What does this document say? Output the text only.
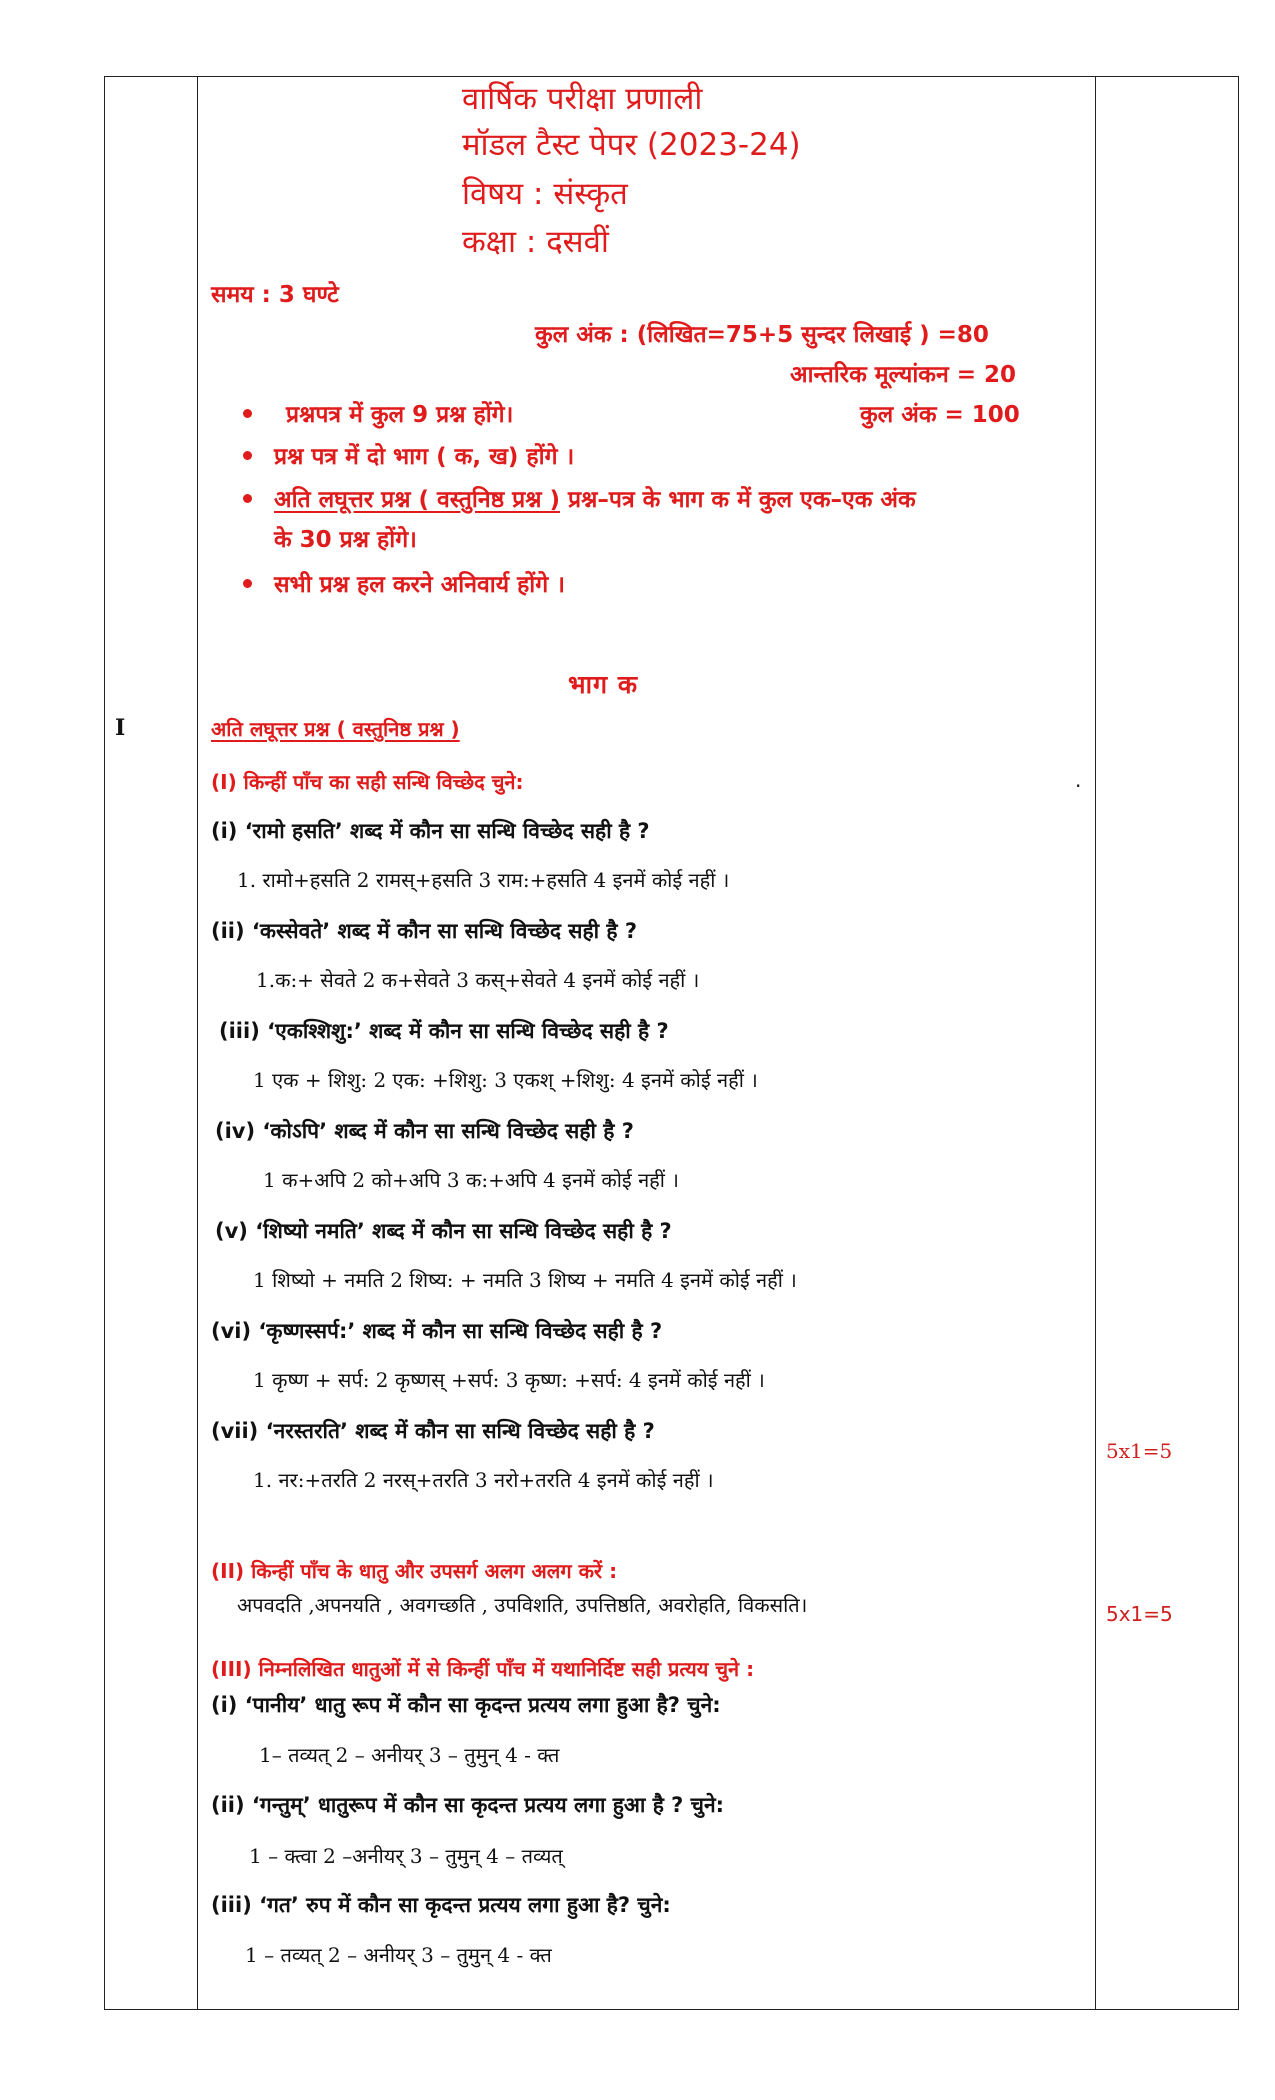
I
वार्षिक परीक्षा प्रणाली
मॉडल टैस्ट पेपर (2023-24)
विषय : संस्कृत
कक्षा : दसवीं
समय : 3 घण्टे
कुल अंक : (लिखित=75+5 सुन्दर लिखाई ) =80
आन्तरिक मूल्यांकन = 20
प्रश्नपत्र में कुल 9 प्रश्न होंगे।	कुल अंक = 100
प्रश्न पत्र में दो भाग ( क, ख) होंगे ।
अति लघूत्तर प्रश्न ( वस्तुनिष्ठ प्रश्न ) प्रश्न–पत्र के भाग क में कुल एक–एक अंक
के 30 प्रश्न होंगे।
सभी प्रश्न हल करने अनिवार्य होंगे ।
भाग क
अति लघूत्तर प्रश्न ( वस्तुनिष्ठ प्रश्न )
(I) किन्हीं पाँच का सही सन्धि विच्छेद चुने:	.
(i) ‘रामो हसति’ शब्द में कौन सा सन्धि विच्छेद सही है ?
1. रामो+हसति 2 रामस्+हसति 3 राम:+हसति 4 इनमें कोई नहीं ।
(ii) ‘कस्सेवते’ शब्द में कौन सा सन्धि विच्छेद सही है ?
1.क:+ सेवते 2 क+सेवते 3 कस्+सेवते 4 इनमें कोई नहीं ।
(iii) ‘एकश्शिशु:’ शब्द में कौन सा सन्धि विच्छेद सही है ?
1 एक + शिशु: 2 एक: +शिशु: 3 एकश् +शिशु: 4 इनमें कोई नहीं ।
(iv) ‘कोऽपि’ शब्द में कौन सा सन्धि विच्छेद सही है ?
1 क+अपि 2 को+अपि 3 क:+अपि 4 इनमें कोई नहीं ।
(v) ‘शिष्यो नमति’ शब्द में कौन सा सन्धि विच्छेद सही है ?
1 शिष्यो + नमति 2 शिष्य: + नमति 3 शिष्य + नमति 4 इनमें कोई नहीं ।
(vi) ‘कृष्णस्सर्प:’ शब्द में कौन सा सन्धि विच्छेद सही है ?
1 कृष्ण + सर्प: 2 कृष्णस् +सर्प: 3 कृष्ण: +सर्प: 4 इनमें कोई नहीं ।
(vii) ‘नरस्तरति’ शब्द में कौन सा सन्धि विच्छेद सही है ?
1. नर:+तरति 2 नरस्+तरति 3 नरो+तरति 4 इनमें कोई नहीं ।
(II) किन्हीं पाँच के धातु और उपसर्ग अलग अलग करें :
अपवदति ,अपनयति , अवगच्छति , उपविशति, उपत्तिष्ठति, अवरोहति, विकसति।
(III) निम्नलिखित धातुओं में से किन्हीं पाँच में यथानिर्दिष्ट सही प्रत्यय चुने :
(i) ‘पानीय’ धातु रूप में कौन सा कृदन्त प्रत्यय लगा हुआ है? चुने:
1– तव्यत् 2 – अनीयर् 3 – तुमुन् 4 - क्त
(ii) ‘गन्तुम्’ धातुरूप में कौन सा कृदन्त प्रत्यय लगा हुआ है ? चुने:
1 – क्त्वा 2 –अनीयर् 3 – तुमुन् 4 – तव्यत्
(iii) ‘गत’ रुप में कौन सा कृदन्त प्रत्यय लगा हुआ है? चुने:
1 – तव्यत् 2 – अनीयर् 3 – तुमुन् 4 - क्त
5x1=5
5x1=5
